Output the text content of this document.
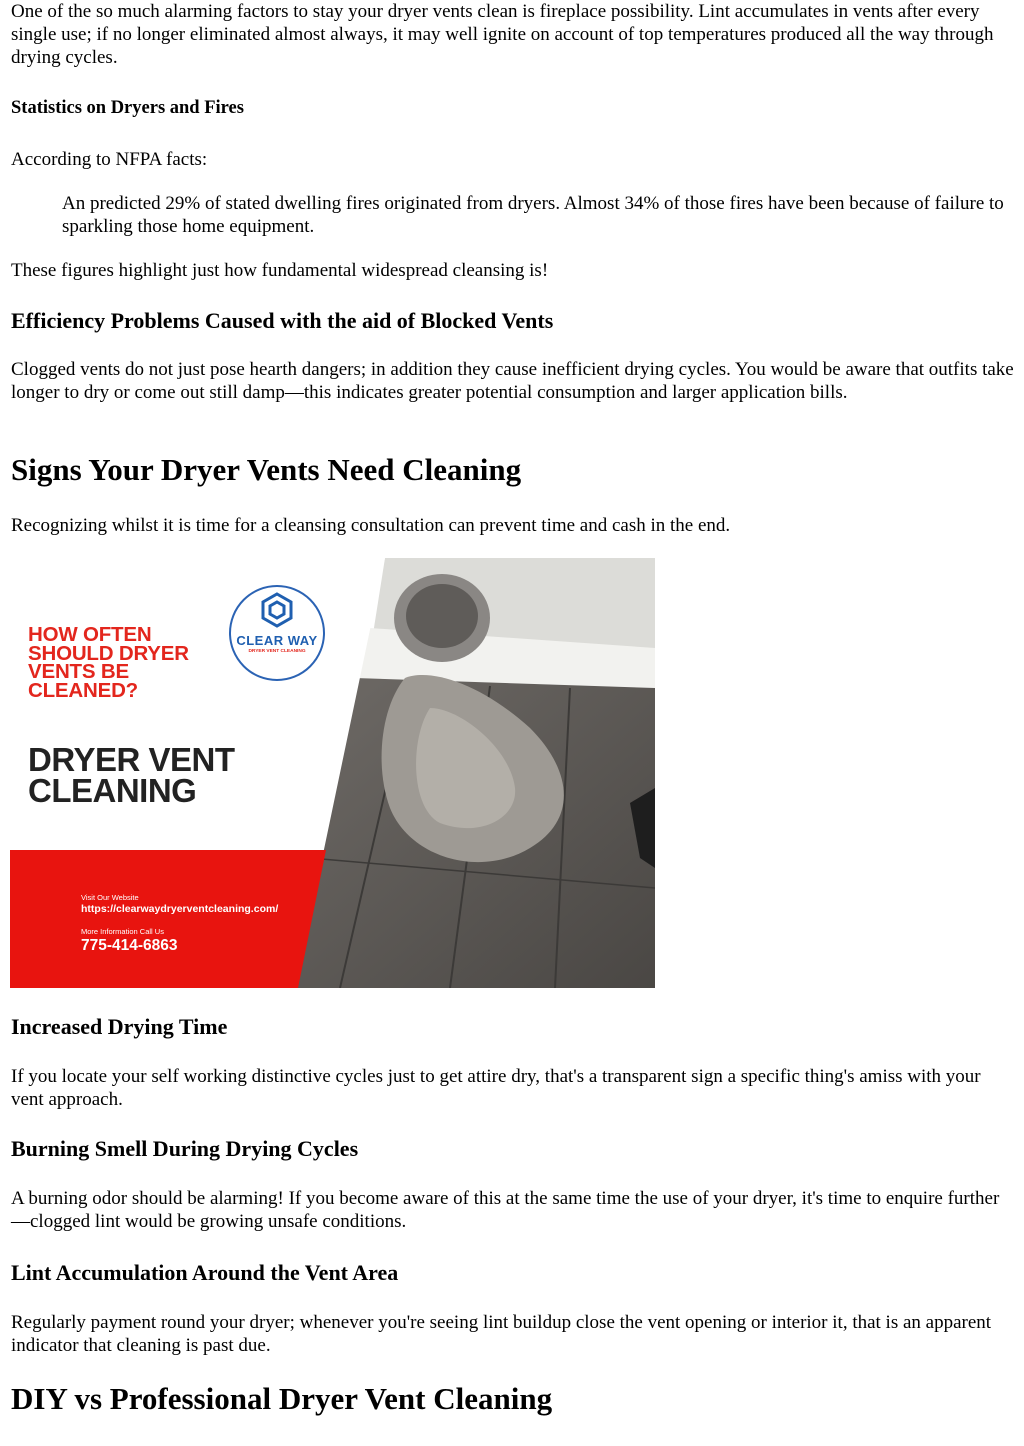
One of the so much alarming factors to stay your dryer vents clean is fireplace possibility. Lint accumulates in vents after every single use; if no longer eliminated almost always, it may well ignite on account of top temperatures produced all the way through drying cycles.

Statistics on Dryers and Fires

According to NFPA facts:

An predicted 29% of stated dwelling fires originated from dryers. Almost 34% of those fires have been because of failure to sparkling those home equipment.

These figures highlight just how fundamental widespread cleansing is!

Efficiency Problems Caused with the aid of Blocked Vents

Clogged vents do not just pose hearth dangers; in addition they cause inefficient drying cycles. You would be aware that outfits take longer to dry or come out still damp—this indicates greater potential consumption and larger application bills.

Signs Your Dryer Vents Need Cleaning

Recognizing whilst it is time for a cleansing consultation can prevent time and cash in the end.

HOW OFTEN SHOULD DRYER VENTS BE CLEANED?

DRYER VENT CLEANING

CLEAR WAY

DRYER VENT CLEANING

Visit Our Website

https://clearwaydryerventcleaning.com/

More Information Call Us

775-414-6863

Increased Drying Time

If you locate your self working distinctive cycles just to get attire dry, that's a transparent sign a specific thing's amiss with your vent approach.

Burning Smell During Drying Cycles

A burning odor should be alarming! If you become aware of this at the same time the use of your dryer, it's time to enquire further—clogged lint would be growing unsafe conditions.

Lint Accumulation Around the Vent Area

Regularly payment round your dryer; whenever you're seeing lint buildup close the vent opening or interior it, that is an apparent indicator that cleaning is past due.

DIY vs Professional Dryer Vent Cleaning
